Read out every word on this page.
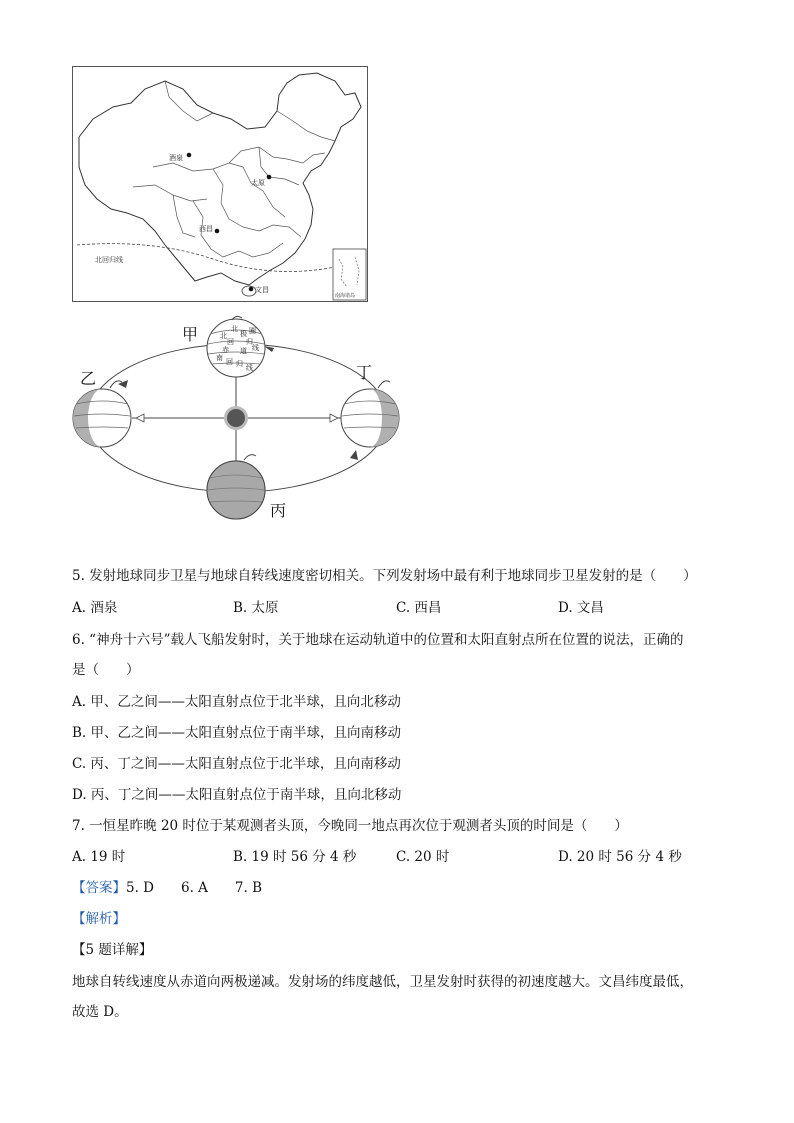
北回归线
酒泉
太原
西昌
文昌
南海诸岛
北
极 圈
北
回 归
线
赤 道
南 回 归 线
甲
乙
丙
丁
5. 发射地球同步卫星与地球自转线速度密切相关。下列发射场中最有利于地球同步卫星发射的是（　　）
A. 酒泉	B. 太原	C. 西昌	D. 文昌
6. “神舟十六号”载人飞船发射时，关于地球在运动轨道中的位置和太阳直射点所在位置的说法，正确的
是（　　）
A. 甲、乙之间——太阳直射点位于北半球，且向北移动
B. 甲、乙之间——太阳直射点位于南半球，且向南移动
C. 丙、丁之间——太阳直射点位于北半球，且向南移动
D. 丙、丁之间——太阳直射点位于南半球，且向北移动
7. 一恒星昨晚 20 时位于某观测者头顶，今晚同一地点再次位于观测者头顶的时间是（　　）
A. 19 时	B. 19 时 56 分 4 秒	C. 20 时	D. 20 时 56 分 4 秒
【答案】5. D　　6. A　　7. B
【解析】
【5 题详解】
地球自转线速度从赤道向两极递减。发射场的纬度越低，卫星发射时获得的初速度越大。文昌纬度最低，
故选 D。
